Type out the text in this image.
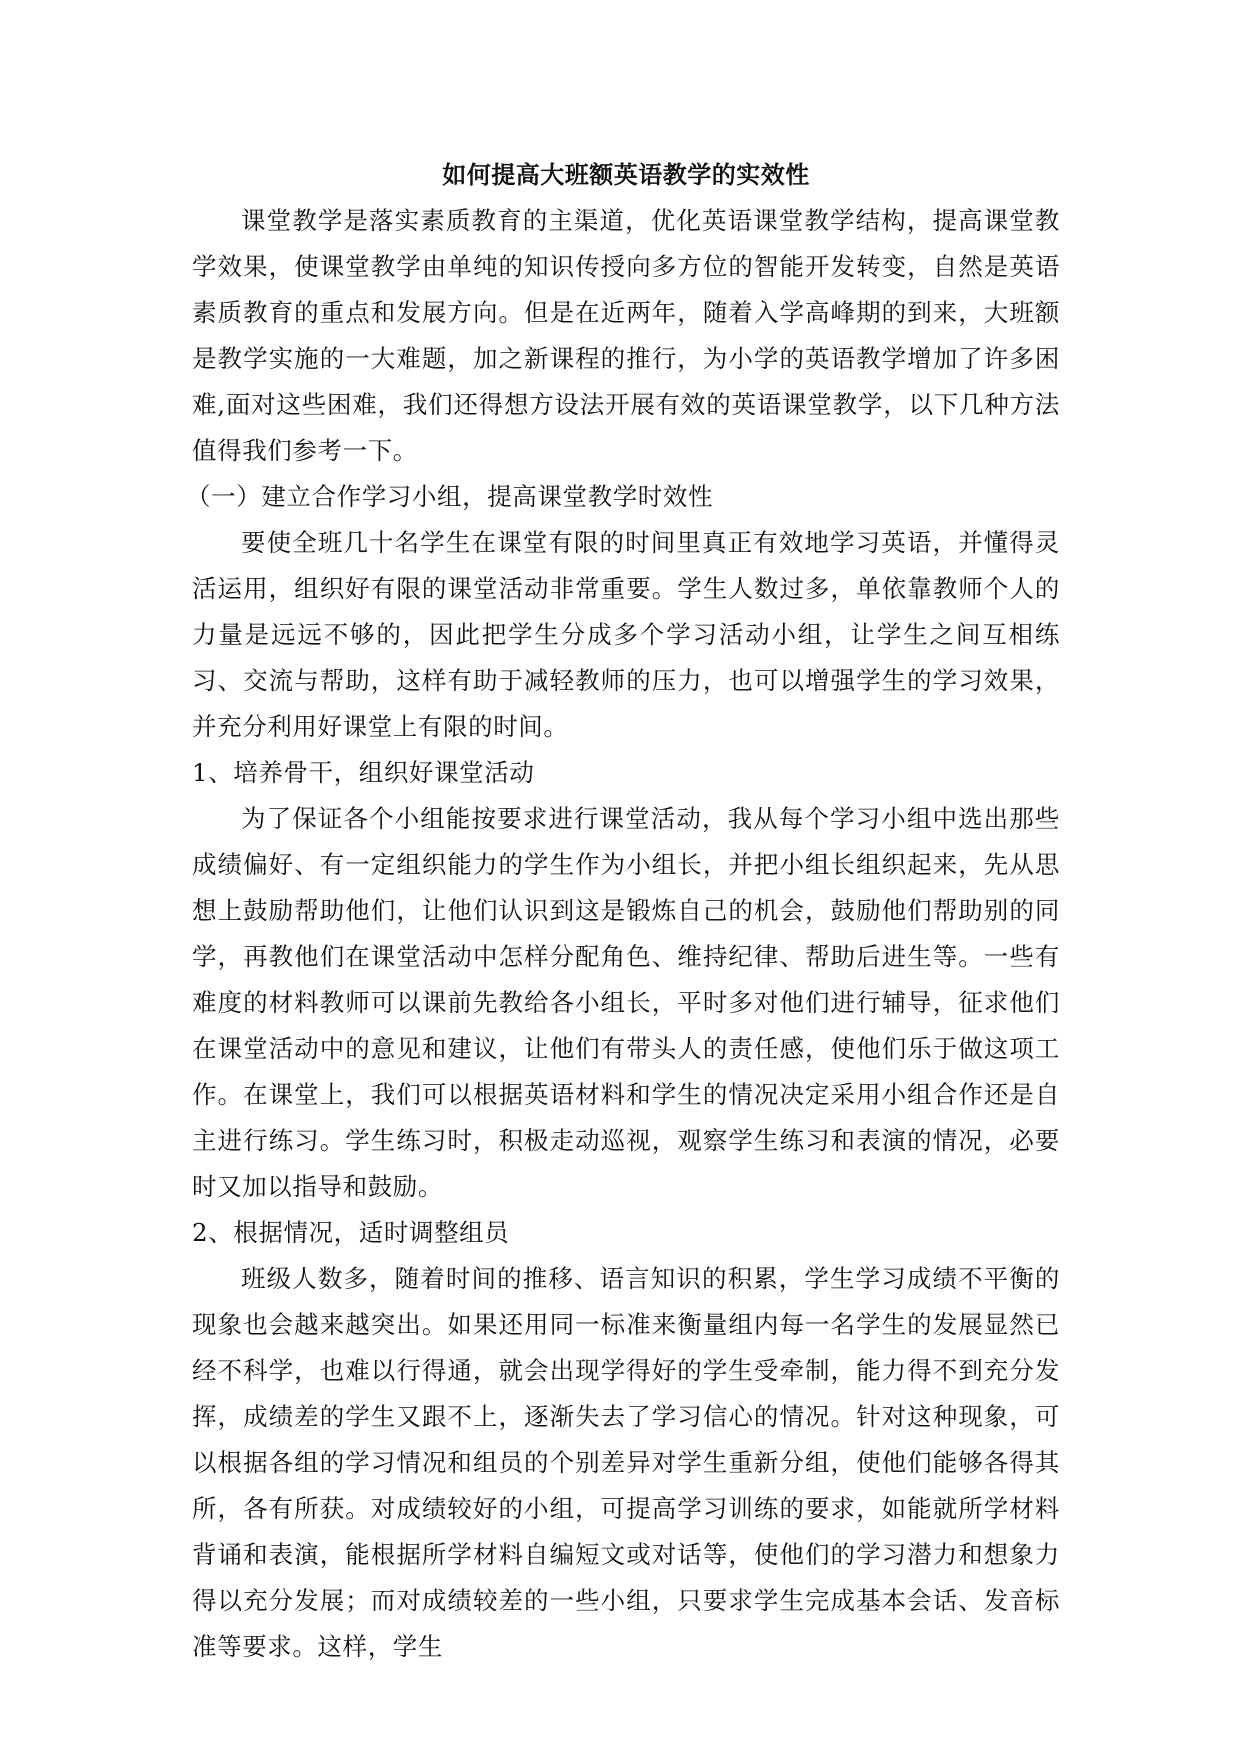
如何提高大班额英语教学的实效性

课堂教学是落实素质教育的主渠道，优化英语课堂教学结构，提高课堂教学效果，使课堂教学由单纯的知识传授向多方位的智能开发转变，自然是英语素质教育的重点和发展方向。但是在近两年，随着入学高峰期的到来，大班额是教学实施的一大难题，加之新课程的推行，为小学的英语教学增加了许多困难,面对这些困难，我们还得想方设法开展有效的英语课堂教学，以下几种方法值得我们参考一下。

（一）建立合作学习小组，提高课堂教学时效性

要使全班几十名学生在课堂有限的时间里真正有效地学习英语，并懂得灵活运用，组织好有限的课堂活动非常重要。学生人数过多，单依靠教师个人的力量是远远不够的，因此把学生分成多个学习活动小组，让学生之间互相练习、交流与帮助，这样有助于减轻教师的压力，也可以增强学生的学习效果，并充分利用好课堂上有限的时间。

1、培养骨干，组织好课堂活动

为了保证各个小组能按要求进行课堂活动，我从每个学习小组中选出那些成绩偏好、有一定组织能力的学生作为小组长，并把小组长组织起来，先从思想上鼓励帮助他们，让他们认识到这是锻炼自己的机会，鼓励他们帮助别的同学，再教他们在课堂活动中怎样分配角色、维持纪律、帮助后进生等。一些有难度的材料教师可以课前先教给各小组长，平时多对他们进行辅导，征求他们在课堂活动中的意见和建议，让他们有带头人的责任感，使他们乐于做这项工作。在课堂上，我们可以根据英语材料和学生的情况决定采用小组合作还是自主进行练习。学生练习时，积极走动巡视，观察学生练习和表演的情况，必要时又加以指导和鼓励。

2、根据情况，适时调整组员

班级人数多，随着时间的推移、语言知识的积累，学生学习成绩不平衡的现象也会越来越突出。如果还用同一标准来衡量组内每一名学生的发展显然已经不科学，也难以行得通，就会出现学得好的学生受牵制，能力得不到充分发挥，成绩差的学生又跟不上，逐渐失去了学习信心的情况。针对这种现象，可以根据各组的学习情况和组员的个别差异对学生重新分组，使他们能够各得其所，各有所获。对成绩较好的小组，可提高学习训练的要求，如能就所学材料背诵和表演，能根据所学材料自编短文或对话等，使他们的学习潜力和想象力得以充分发展；而对成绩较差的一些小组，只要求学生完成基本会话、发音标准等要求。这样，学生
